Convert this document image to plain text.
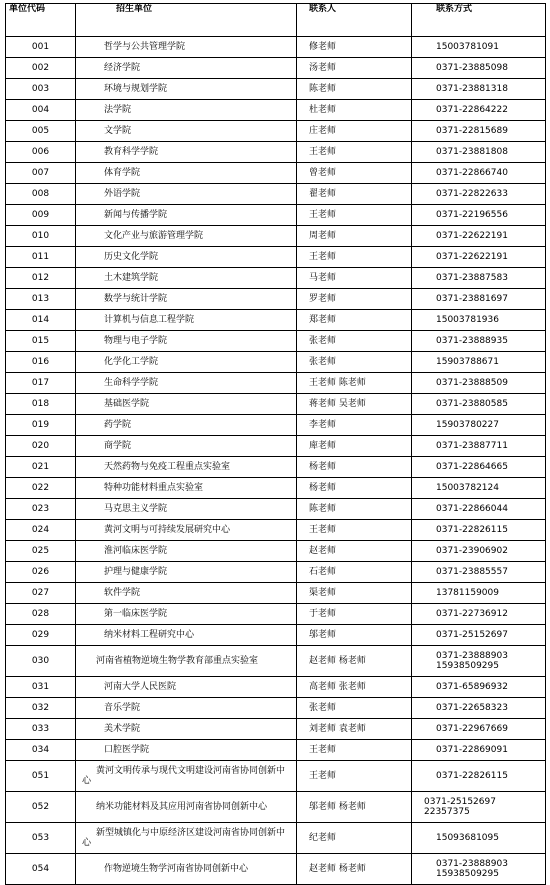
单位代码	招生单位	联系人	联系方式
001	哲学与公共管理学院	修老师	15003781091
002	经济学院	汤老师	0371-23885098
003	环境与规划学院	陈老师	0371-23881318
004	法学院	杜老师	0371-22864222
005	文学院	庄老师	0371-22815689
006	教育科学学院	王老师	0371-23881808
007	体育学院	曾老师	0371-22866740
008	外语学院	翟老师	0371-22822633
009	新闻与传播学院	王老师	0371-22196556
010	文化产业与旅游管理学院	周老师	0371-22622191
011	历史文化学院	王老师	0371-22622191
012	土木建筑学院	马老师	0371-23887583
013	数学与统计学院	罗老师	0371-23881697
014	计算机与信息工程学院	郑老师	15003781936
015	物理与电子学院	张老师	0371-23888935
016	化学化工学院	张老师	15903788671
017	生命科学学院	王老师 陈老师	0371-23888509
018	基础医学院	蒋老师 吴老师	0371-23880585
019	药学院	李老师	15903780227
020	商学院	庳老师	0371-23887711
021	天然药物与免疫工程重点实验室	杨老师	0371-22864665
022	特种功能材料重点实验室	杨老师	15003782124
023	马克思主义学院	陈老师	0371-22866044
024	黄河文明与可持续发展研究中心	王老师	0371-22826115
025	淮河临床医学院	赵老师	0371-23906902
026	护理与健康学院	石老师	0371-23885557
027	软件学院	渠老师	13781159009
028	第一临床医学院	于老师	0371-22736912
029	纳米材料工程研究中心	邬老师	0371-25152697
030	河南省植物逆境生物学教育部重点实验室	赵老师 杨老师	0371-23888903 15938509295
031	河南大学人民医院	高老师 张老师	0371-65896932
032	音乐学院	张老师	0371-22658323
033	美术学院	刘老师 袁老师	0371-22967669
034	口腔医学院	王老师	0371-22869091
051	黄河文明传承与现代文明建设河南省协同创新中心	王老师	0371-22826115
052	纳米功能材料及其应用河南省协同创新中心	邬老师 杨老师	0371-25152697 22357375
053	新型城镇化与中原经济区建设河南省协同创新中心	纪老师	15093681095
054	作物逆境生物学河南省协同创新中心	赵老师 杨老师	0371-23888903 15938509295
